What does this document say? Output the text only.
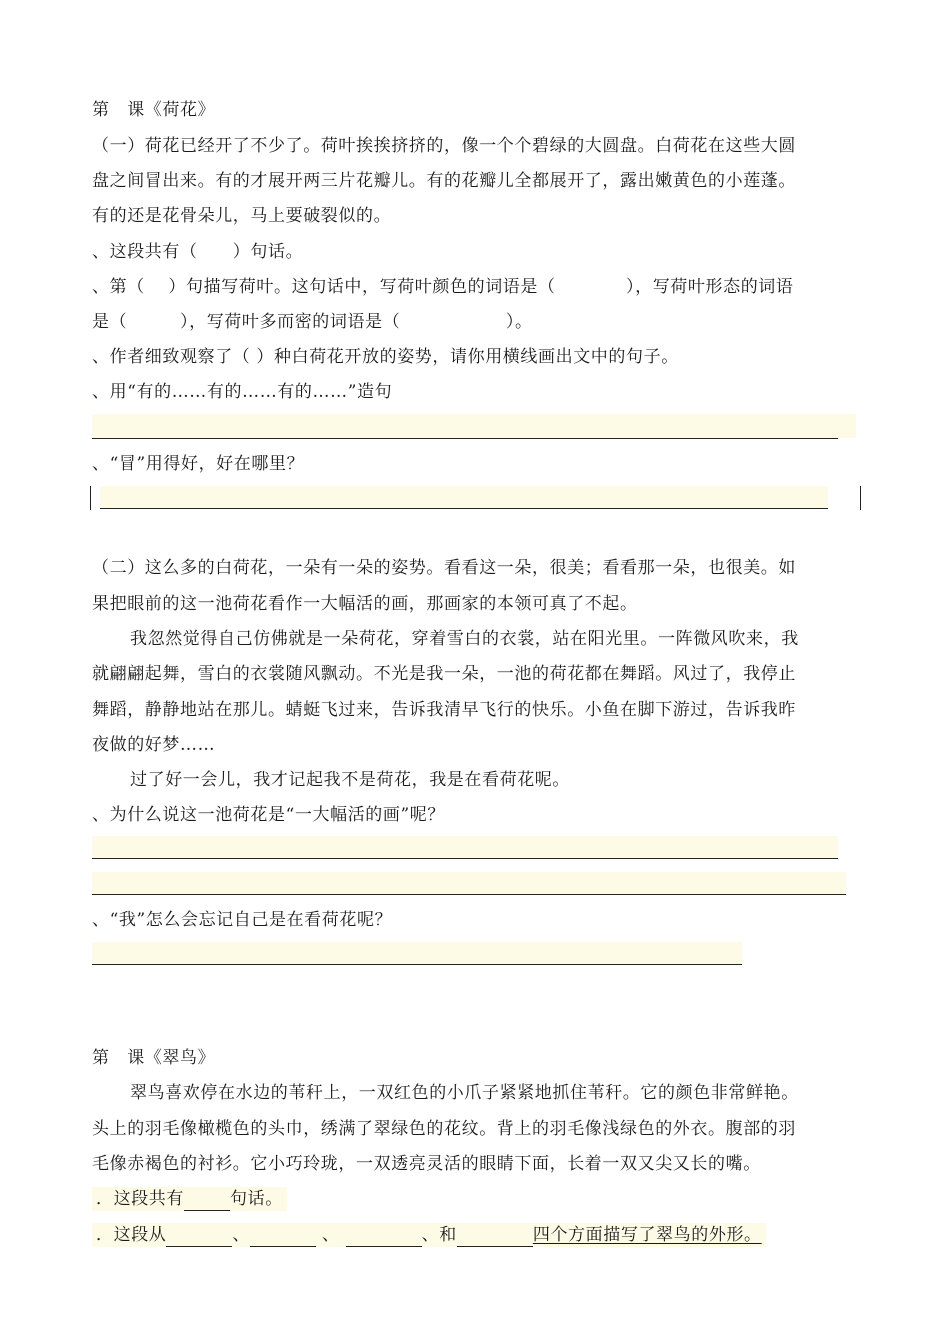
第　课《荷花》
（一）荷花已经开了不少了。荷叶挨挨挤挤的，像一个个碧绿的大圆盘。白荷花在这些大圆
盘之间冒出来。有的才展开两三片花瓣儿。有的花瓣儿全都展开了，露出嫩黄色的小莲蓬。
有的还是花骨朵儿，马上要破裂似的。
、这段共有（　　）句话。
、第（　 ）句描写荷叶。这句话中，写荷叶颜色的词语是（　　　　），写荷叶形态的词语
是（　　　），写荷叶多而密的词语是（　　　　　　）。
、作者细致观察了（ ）种白荷花开放的姿势，请你用横线画出文中的句子。
、用“有的……有的……有的……”造句
、“冒”用得好，好在哪里？
（二）这么多的白荷花，一朵有一朵的姿势。看看这一朵，很美；看看那一朵，也很美。如
果把眼前的这一池荷花看作一大幅活的画，那画家的本领可真了不起。
我忽然觉得自己仿佛就是一朵荷花，穿着雪白的衣裳，站在阳光里。一阵微风吹来，我
就翩翩起舞，雪白的衣裳随风飘动。不光是我一朵，一池的荷花都在舞蹈。风过了，我停止
舞蹈，静静地站在那儿。蜻蜓飞过来，告诉我清早飞行的快乐。小鱼在脚下游过，告诉我昨
夜做的好梦……
过了好一会儿，我才记起我不是荷花，我是在看荷花呢。
、为什么说这一池荷花是“一大幅活的画”呢？
、“我”怎么会忘记自己是在看荷花呢？
第　课《翠鸟》
翠鸟喜欢停在水边的苇秆上，一双红色的小爪子紧紧地抓住苇秆。它的颜色非常鲜艳。
头上的羽毛像橄榄色的头巾，绣满了翠绿色的花纹。背上的羽毛像浅绿色的外衣。腹部的羽
毛像赤褐色的衬衫。它小巧玲珑，一双透亮灵活的眼睛下面，长着一双又尖又长的嘴。
．这段共有	句话。
．这段从	、	、	、和	四个方面描写了翠鸟的外形。
